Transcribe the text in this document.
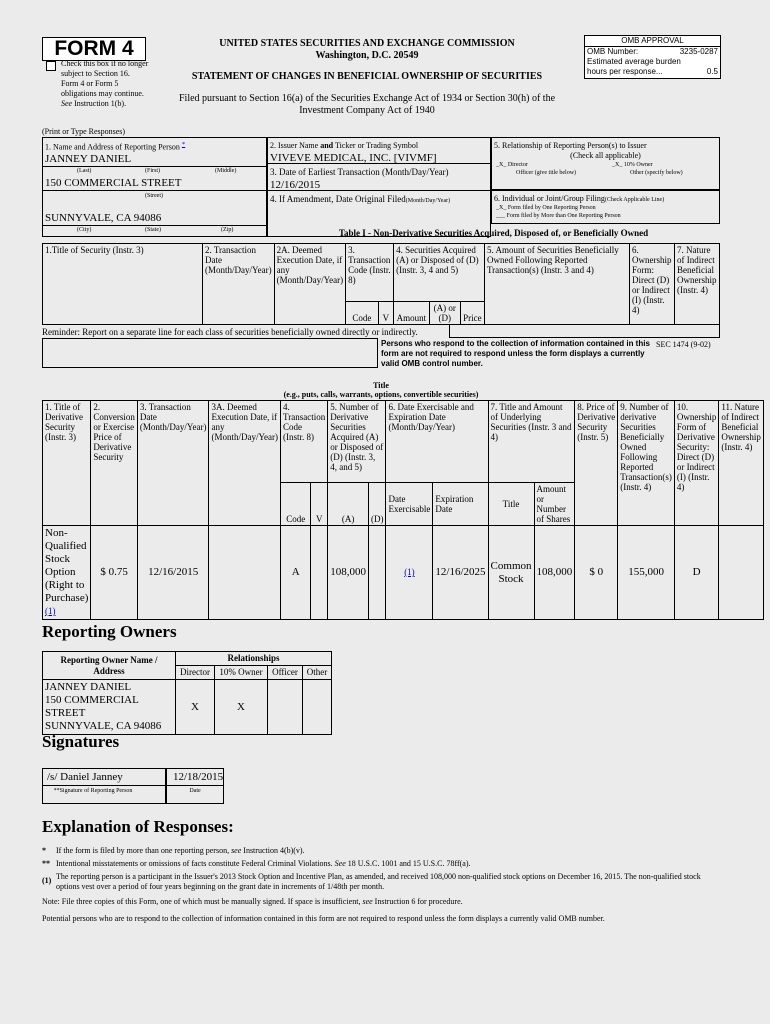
FORM 4
Check this box if no longer subject to Section 16. Form 4 or Form 5 obligations may continue. See Instruction 1(b).
UNITED STATES SECURITIES AND EXCHANGE COMMISSION
Washington, D.C. 20549
STATEMENT OF CHANGES IN BENEFICIAL OWNERSHIP OF SECURITIES
Filed pursuant to Section 16(a) of the Securities Exchange Act of 1934 or Section 30(h) of the
Investment Company Act of 1940
OMB APPROVAL
OMB Number:	3235-0287
Estimated average burden
hours per response...	0.5
(Print or Type Responses)
1. Name and Address of Reporting Person *
JANNEY DANIEL
(Last)	(First)	(Middle)
150 COMMERCIAL STREET
(Street)
SUNNYVALE, CA 94086
(City)	(State)	(Zip)
2. Issuer Name and Ticker or Trading Symbol
VIVEVE MEDICAL, INC. [VIVMF]
3. Date of Earliest Transaction (Month/Day/Year)
12/16/2015
4. If Amendment, Date Original Filed(Month/Day/Year)
5. Relationship of Reporting Person(s) to Issuer
(Check all applicable)
_X_ Director	_X_ 10% Owner
Officer (give title below)	Other (specify below)
6. Individual or Joint/Group Filing(Check Applicable Line)
_X_ Form filed by One Reporting Person
___ Form filed by More than One Reporting Person
Table I - Non-Derivative Securities Acquired, Disposed of, or Beneficially Owned
1.Title of Security (Instr. 3)	2. Transaction Date (Month/Day/Year)	2A. Deemed Execution Date, if any (Month/Day/Year)	3. Transaction Code (Instr. 8)		4. Securities Acquired (A) or Disposed of (D) (Instr. 3, 4 and 5)			5. Amount of Securities Beneficially Owned Following Reported Transaction(s) (Instr. 3 and 4)	6. Ownership Form: Direct (D) or Indirect (I) (Instr. 4)	7. Nature of Indirect Beneficial Ownership (Instr. 4)
			Code	V	Amount	(A) or (D)	Price			
Reminder: Report on a separate line for each class of securities beneficially owned directly or indirectly.
Persons who respond to the collection of information contained in this form are not required to respond unless the form displays a currently valid OMB control number.
SEC 1474 (9-02)
Title
(e.g., puts, calls, warrants, options, convertible securities)
1. Title of Derivative Security (Instr. 3)	2. Conversion or Exercise Price of Derivative Security	3. Transaction Date (Month/Day/Year)	3A. Deemed Execution Date, if any (Month/Day/Year)	4. Transaction Code (Instr. 8)		5. Number of Derivative Securities Acquired (A) or Disposed of (D) (Instr. 3, 4, and 5)		6. Date Exercisable and Expiration Date (Month/Day/Year)		7. Title and Amount of Underlying Securities (Instr. 3 and 4)		8. Price of Derivative Security (Instr. 5)	9. Number of derivative Securities Beneficially Owned Following Reported Transaction(s) (Instr. 4)	10. Ownership Form of Derivative Security: Direct (D) or Indirect (I) (Instr. 4)	11. Nature of Indirect Beneficial Ownership (Instr. 4)
				Code	V	(A)	(D)	Date Exercisable	Expiration Date	Title	Amount or Number of Shares				

Non-Qualified Stock Option (Right to Purchase)
(1)	$ 0.75	12/16/2015		A		108,000		(1)	12/16/2025	Common Stock	108,000	$ 0	155,000	D	
Reporting Owners
Reporting Owner Name / Address	Relationships			
	Director	10% Owner	Officer	Other

JANNEY DANIEL
150 COMMERCIAL STREET
SUNNYVALE, CA 94086	X	X		
Signatures
/s/ Daniel Janney
**Signature of Reporting Person
12/18/2015
Date
Explanation of Responses:
* If the form is filed by more than one reporting person, see Instruction 4(b)(v).
** Intentional misstatements or omissions of facts constitute Federal Criminal Violations. See 18 U.S.C. 1001 and 15 U.S.C. 78ff(a).
(1) The reporting person is a participant in the Issuer's 2013 Stock Option and Incentive Plan, as amended, and received 108,000 non-qualified stock options on December 16, 2015. The non-qualified stock options vest over a period of four years beginning on the grant date in increments of 1/48th per month.
Note: File three copies of this Form, one of which must be manually signed. If space is insufficient, see Instruction 6 for procedure.
Potential persons who are to respond to the collection of information contained in this form are not required to respond unless the form displays a currently valid OMB number.
